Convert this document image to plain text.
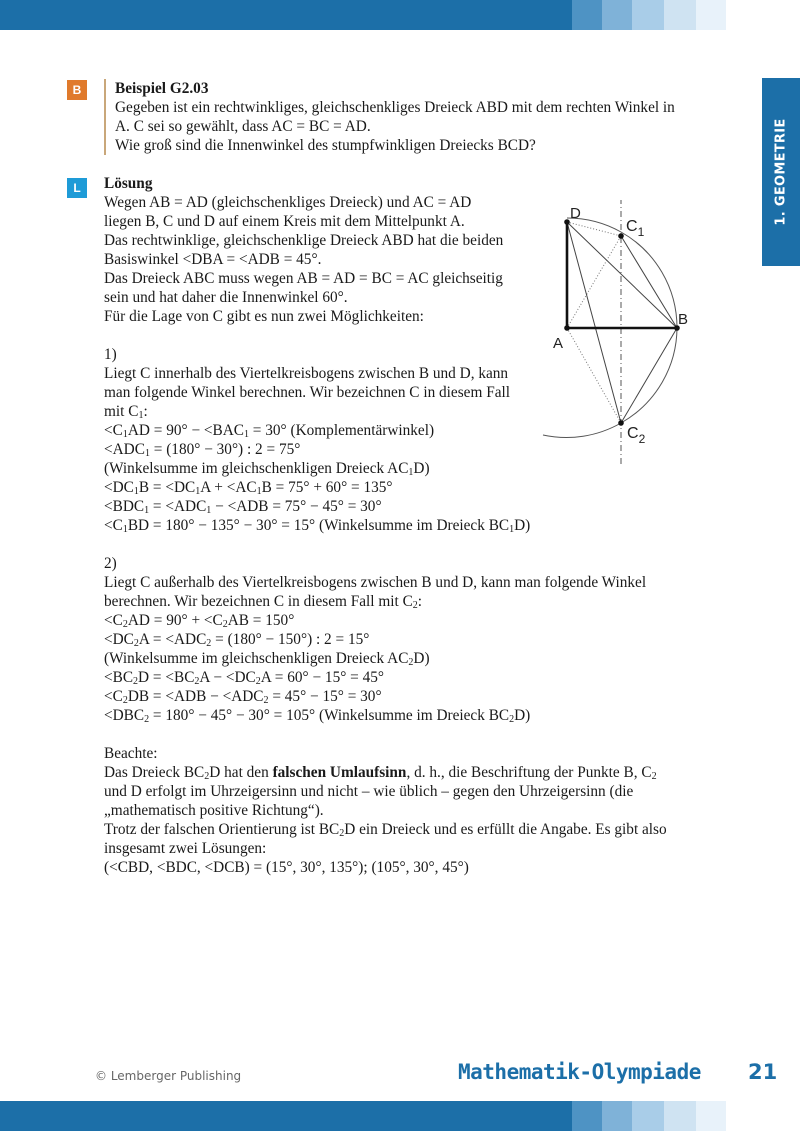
1. GEOMETRIE
B	Beispiel G2.03
Gegeben ist ein rechtwinkliges, gleichschenkliges Dreieck ABD mit dem rechten Winkel in
A. C sei so gewählt, dass AC = BC = AD.
Wie groß sind die Innenwinkel des stumpfwinkligen Dreiecks BCD?
L	Lösung
Wegen AB = AD (gleichschenkliges Dreieck) und AC = AD
liegen B, C und D auf einem Kreis mit dem Mittelpunkt A.
Das rechtwinklige, gleichschenklige Dreieck ABD hat die beiden
Basiswinkel <DBA = <ADB = 45°.
Das Dreieck ABC muss wegen AB = AD = BC = AC gleichseitig
sein und hat daher die Innenwinkel 60°.
Für die Lage von C gibt es nun zwei Möglichkeiten:
1)
Liegt C innerhalb des Viertelkreisbogens zwischen B und D, kann
man folgende Winkel berechnen. Wir bezeichnen C in diesem Fall
mit $C_1$:
$<C_1AD = 90^\circ - <BAC_1 = 30^\circ$ (Komplementärwinkel)
$<ADC_1 = (180^\circ - 30^\circ)$ : 2 = 75°
(Winkelsumme im gleichschenkligen Dreieck $AC_1D$)
$<DC_1B = <DC_1A + <AC_1B = 75^\circ + 60^\circ = 135^\circ$
$<BDC_1 = <ADC_1 - <ADB = 75^\circ - 45^\circ = 30^\circ$
$<C_1BD = 180^\circ - 135^\circ - 30^\circ = 15^\circ$ (Winkelsumme im Dreieck $BC_1D$)
2)
Liegt C außerhalb des Viertelkreisbogens zwischen B und D, kann man folgende Winkel
berechnen. Wir bezeichnen C in diesem Fall mit $C_2$:
$<C_2AD = 90^\circ + <C_2AB = 150^\circ$
$<DC_2A = <ADC_2 = (180^\circ - 150^\circ)$ : 2 = 15°
(Winkelsumme im gleichschenkligen Dreieck $AC_2D$)
$<BC_2D = <BC_2A - <DC_2A = 60^\circ - 15^\circ = 45^\circ$
$<C_2DB = <ADB - <ADC_2 = 45^\circ - 15^\circ = 30^\circ$
$<DBC_2 = 180^\circ - 45^\circ - 30^\circ = 105^\circ$ (Winkelsumme im Dreieck $BC_2D$)
Beachte:
Das Dreieck $BC_2D$ hat den falschen Umlaufsinn, d. h., die Beschriftung der Punkte B, $C_2$
und D erfolgt im Uhrzeigersinn und nicht – wie üblich – gegen den Uhrzeigersinn (die
„mathematisch positive Richtung“).
Trotz der falschen Orientierung ist $BC_2D$ ein Dreieck und es erfüllt die Angabe. Es gibt also
insgesamt zwei Lösungen:
(<CBD, <BDC, <DCB) = (15°, 30°, 135°); (105°, 30°, 45°)
D
$C_1$
B
A
$C_2$
© Lemberger Publishing	Mathematik-Olympiade 21
